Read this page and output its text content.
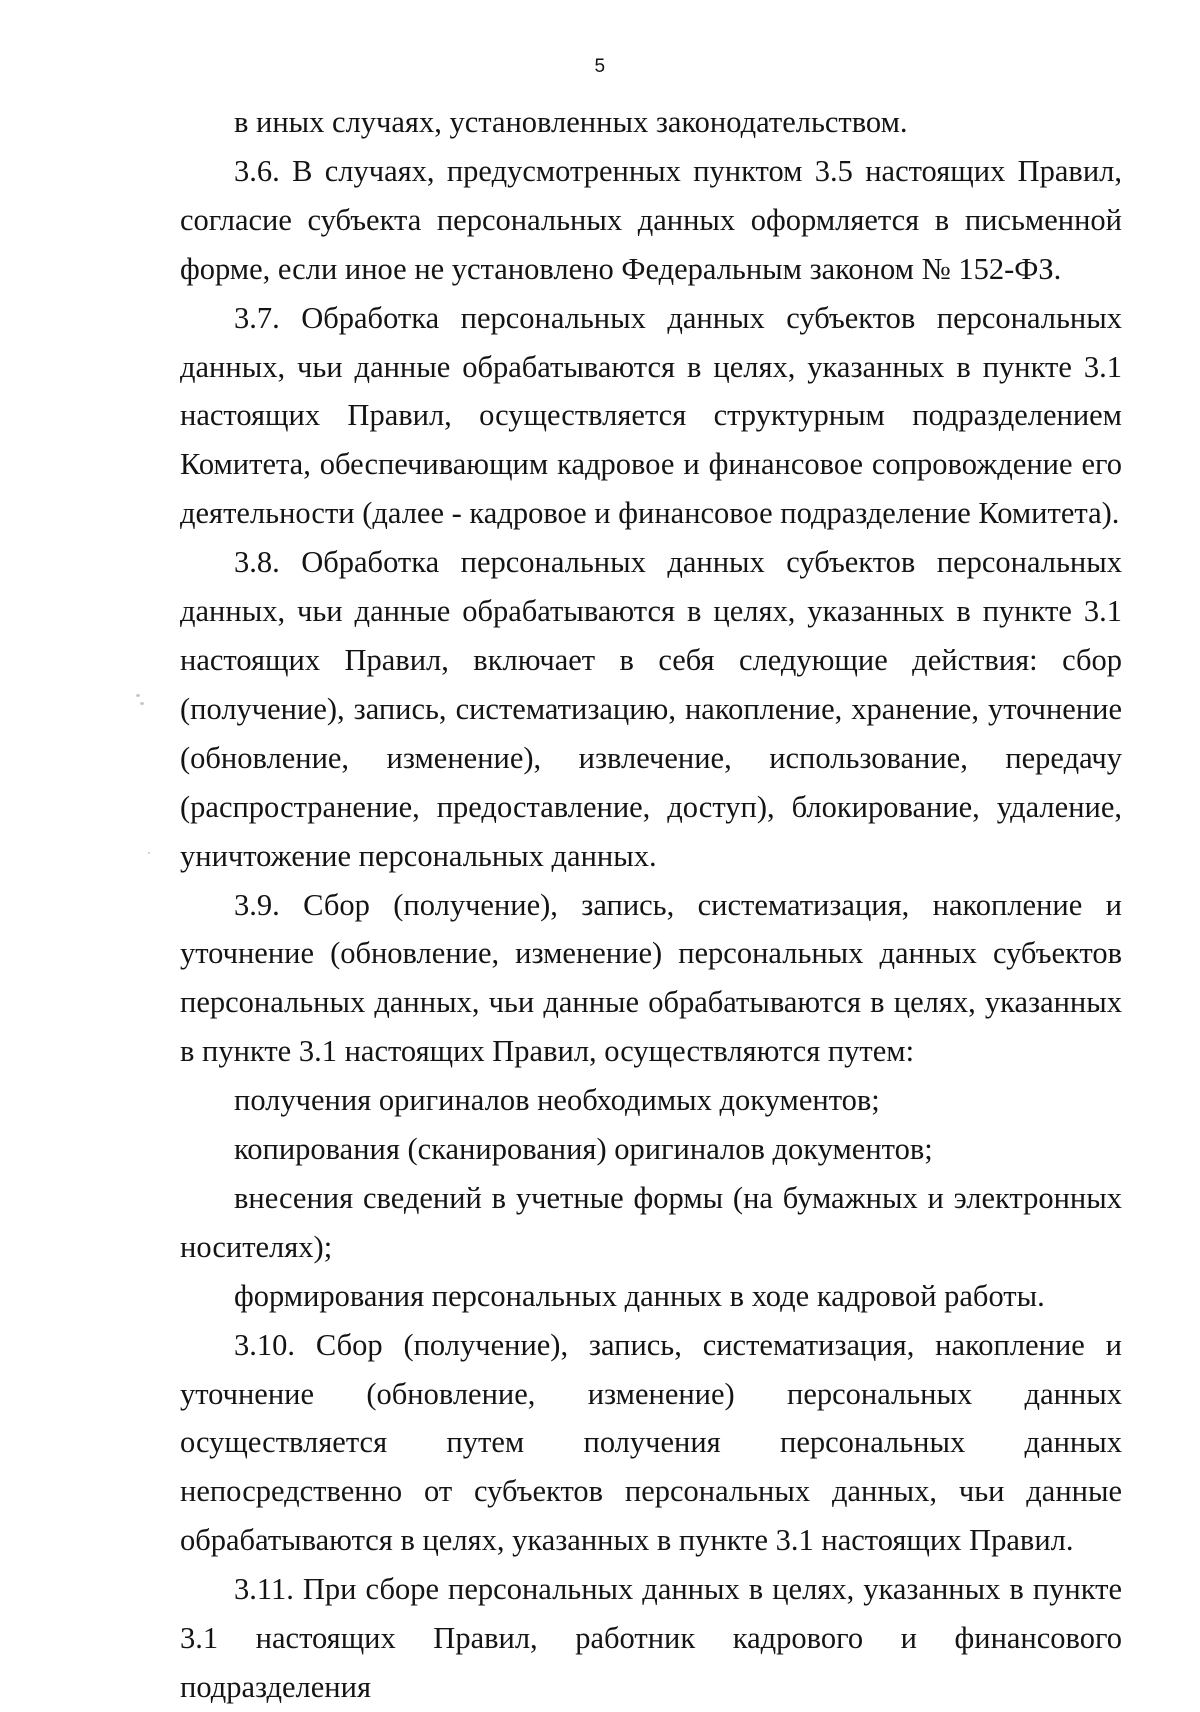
5

в иных случаях, установленных законодательством.

3.6. В случаях, предусмотренных пунктом 3.5 настоящих Правил, согласие субъекта персональных данных оформляется в письменной форме, если иное не установлено Федеральным законом № 152-ФЗ.

3.7. Обработка персональных данных субъектов персональных данных, чьи данные обрабатываются в целях, указанных в пункте 3.1 настоящих Правил, осуществляется структурным подразделением Комитета, обеспечивающим кадровое и финансовое сопровождение его деятельности (далее - кадровое и финансовое подразделение Комитета).

3.8. Обработка персональных данных субъектов персональных данных, чьи данные обрабатываются в целях, указанных в пункте 3.1 настоящих Правил, включает в себя следующие действия: сбор (получение), запись, систематизацию, накопление, хранение, уточнение (обновление, изменение), извлечение, использование, передачу (распространение, предоставление, доступ), блокирование, удаление, уничтожение персональных данных.

3.9. Сбор (получение), запись, систематизация, накопление и уточнение (обновление, изменение) персональных данных субъектов персональных данных, чьи данные обрабатываются в целях, указанных в пункте 3.1 настоящих Правил, осуществляются путем:

получения оригиналов необходимых документов;

копирования (сканирования) оригиналов документов;

внесения сведений в учетные формы (на бумажных и электронных носителях);

формирования персональных данных в ходе кадровой работы.

3.10. Сбор (получение), запись, систематизация, накопление и уточнение (обновление, изменение) персональных данных осуществляется путем получения персональных данных непосредственно от субъектов персональных данных, чьи данные обрабатываются в целях, указанных в пункте 3.1 настоящих Правил.

3.11. При сборе персональных данных в целях, указанных в пункте 3.1 настоящих Правил, работник кадрового и финансового подразделения
